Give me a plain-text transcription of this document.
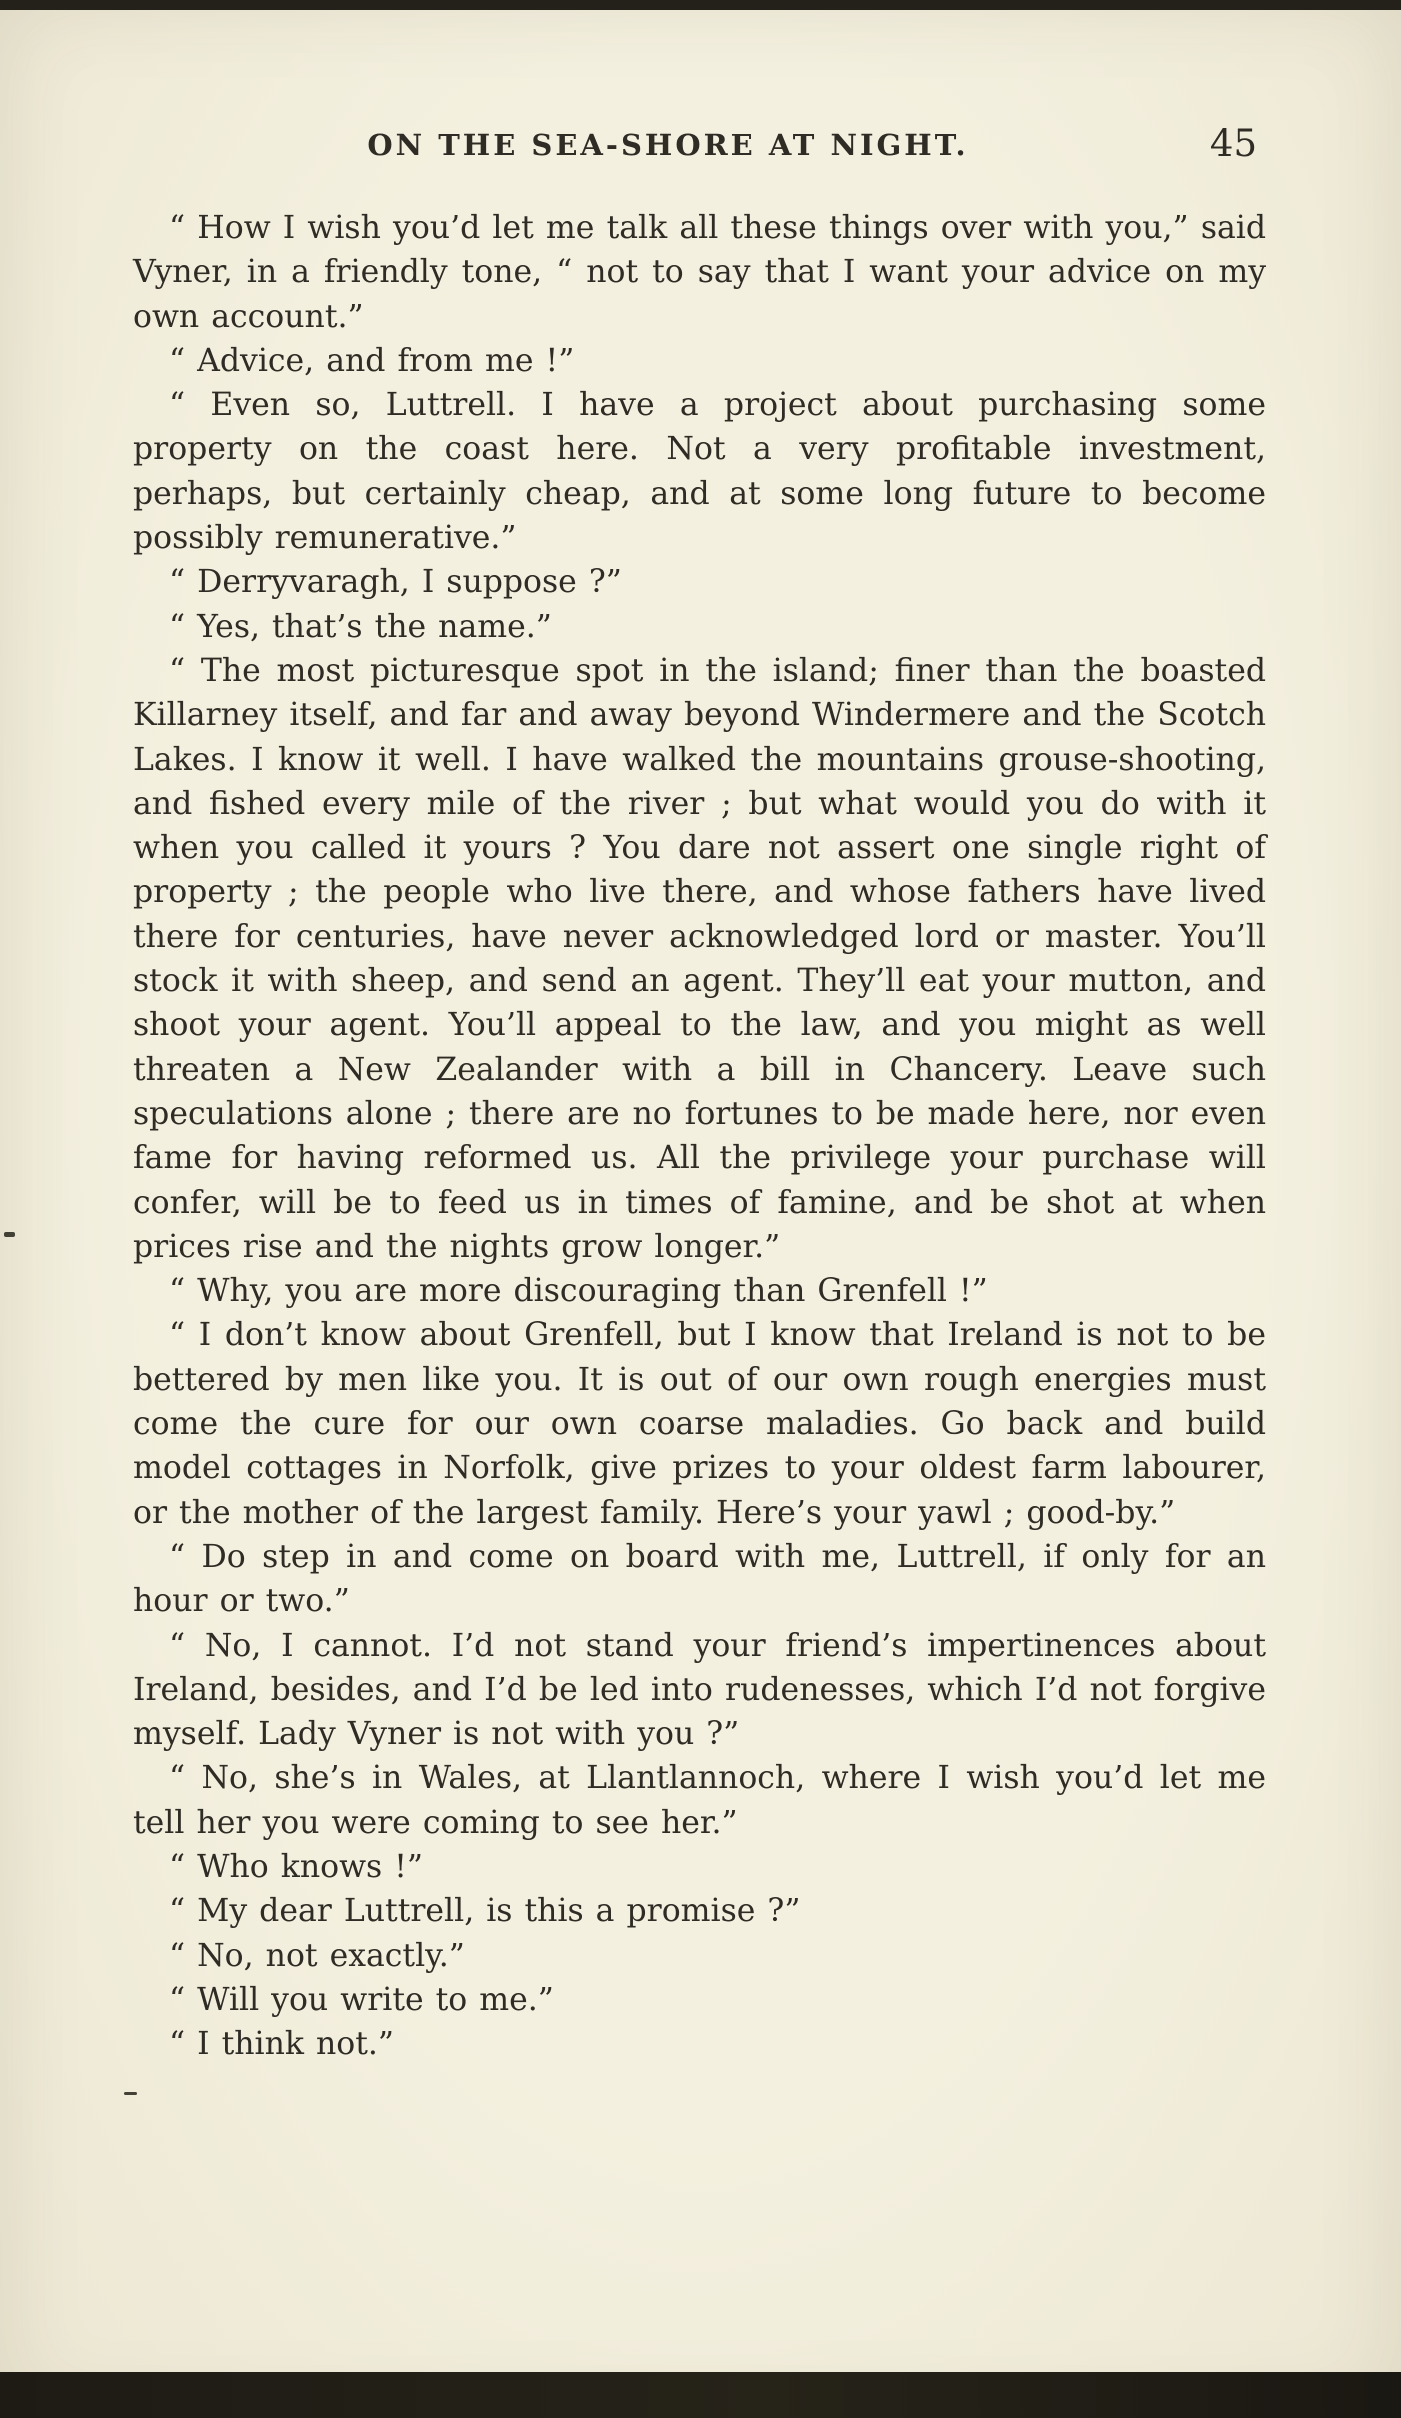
ON THE SEA-SHORE AT NIGHT.	45

“ How I wish you’d let me talk all these things over with you,” said Vyner, in a friendly tone, “ not to say that I want your advice on my own account.”

“ Advice, and from me !”

“ Even so, Luttrell. I have a project about purchasing some property on the coast here. Not a very profitable investment, perhaps, but certainly cheap, and at some long future to become possibly remunerative.”

“ Derryvaragh, I suppose ?”

“ Yes, that’s the name.”

“ The most picturesque spot in the island; finer than the boasted Killarney itself, and far and away beyond Windermere and the Scotch Lakes. I know it well. I have walked the mountains grouse-shooting, and fished every mile of the river ; but what would you do with it when you called it yours ? You dare not assert one single right of property ; the people who live there, and whose fathers have lived there for centuries, have never acknowledged lord or master. You’ll stock it with sheep, and send an agent. They’ll eat your mutton, and shoot your agent. You’ll appeal to the law, and you might as well threaten a New Zealander with a bill in Chancery. Leave such speculations alone ; there are no fortunes to be made here, nor even fame for having reformed us. All the privilege your purchase will confer, will be to feed us in times of famine, and be shot at when prices rise and the nights grow longer.”

“ Why, you are more discouraging than Grenfell !”

“ I don’t know about Grenfell, but I know that Ireland is not to be bettered by men like you. It is out of our own rough energies must come the cure for our own coarse maladies. Go back and build model cottages in Norfolk, give prizes to your oldest farm labourer, or the mother of the largest family. Here’s your yawl ; good-by.”

“ Do step in and come on board with me, Luttrell, if only for an hour or two.”

“ No, I cannot. I’d not stand your friend’s impertinences about Ireland, besides, and I’d be led into rudenesses, which I’d not forgive myself. Lady Vyner is not with you ?”

“ No, she’s in Wales, at Llantlannoch, where I wish you’d let me tell her you were coming to see her.”

“ Who knows !”

“ My dear Luttrell, is this a promise ?”

“ No, not exactly.”

“ Will you write to me.”

“ I think not.”
